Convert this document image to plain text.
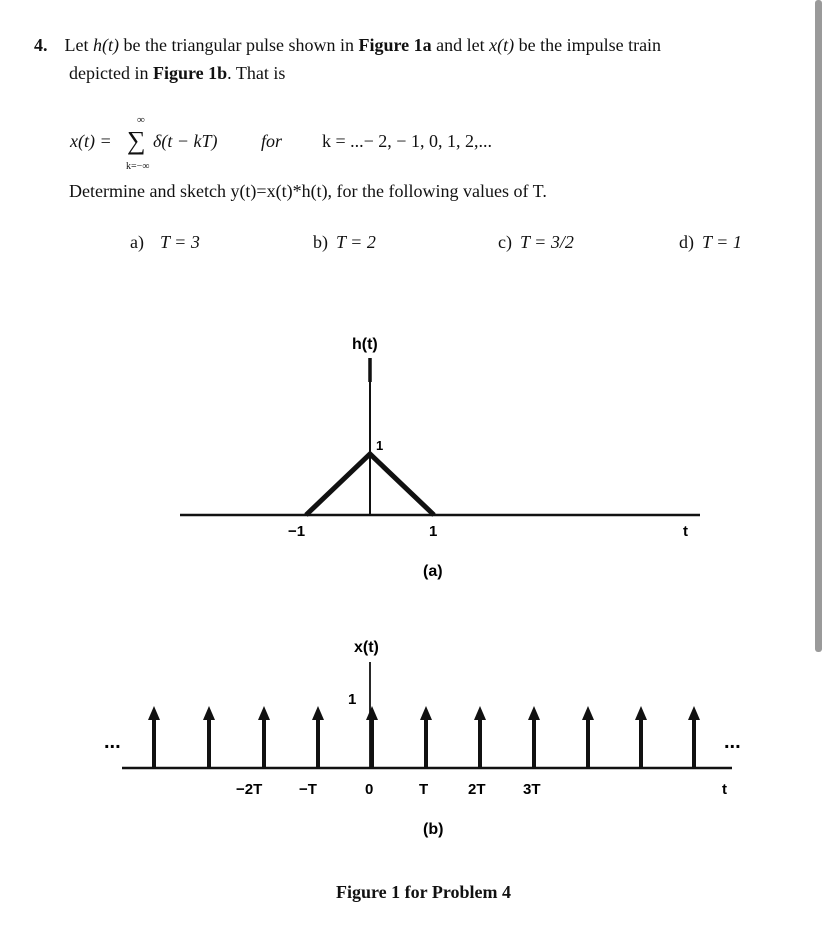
4. Let h(t) be the triangular pulse shown in Figure 1a and let x(t) be the impulse train
depicted in Figure 1b. That is
x(t) =
∞
∑
k=−∞
δ(t − kT) for k = ...− 2, − 1, 0, 1, 2,...
Determine and sketch y(t)=x(t)*h(t), for the following values of T.
a) T = 3	b) T = 2	c) T = 3/2	d) T = 1
h(t)
1
−1	1	t
(a)
x(t)
1
...	...
−2T −T	0	T	2T 3T	t
(b)
Figure 1 for Problem 4
